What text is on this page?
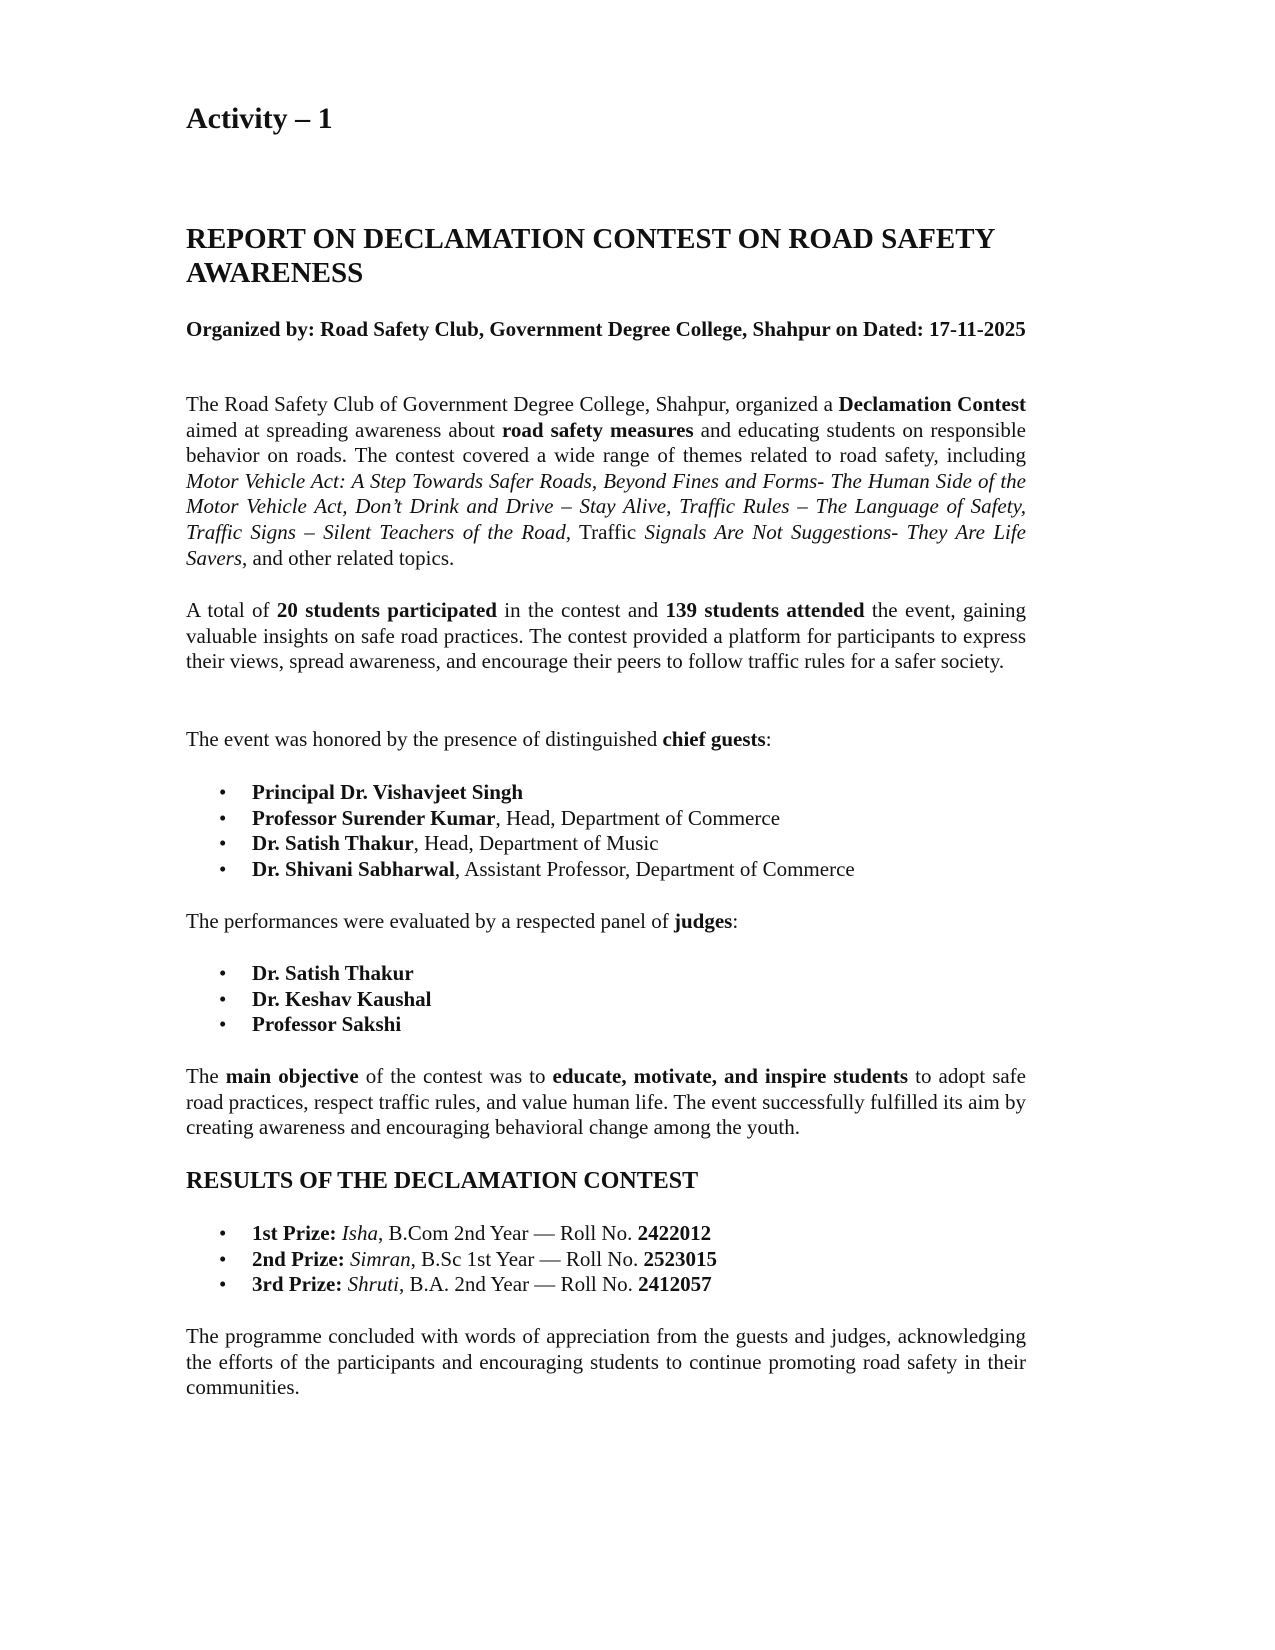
Activity – 1
REPORT ON DECLAMATION CONTEST ON ROAD SAFETY AWARENESS

Organized by: Road Safety Club, Government Degree College, Shahpur on Dated: 17-11-2025

The Road Safety Club of Government Degree College, Shahpur, organized a Declamation Contest aimed at spreading awareness about road safety measures and educating students on responsible behavior on roads. The contest covered a wide range of themes related to road safety, including Motor Vehicle Act: A Step Towards Safer Roads, Beyond Fines and Forms- The Human Side of the Motor Vehicle Act, Don’t Drink and Drive – Stay Alive, Traffic Rules – The Language of Safety, Traffic Signs – Silent Teachers of the Road, Traffic Signals Are Not Suggestions- They Are Life Savers, and other related topics.

A total of 20 students participated in the contest and 139 students attended the event, gaining valuable insights on safe road practices. The contest provided a platform for participants to express their views, spread awareness, and encourage their peers to follow traffic rules for a safer society.

The event was honored by the presence of distinguished chief guests:

• Principal Dr. Vishavjeet Singh
• Professor Surender Kumar, Head, Department of Commerce
• Dr. Satish Thakur, Head, Department of Music
• Dr. Shivani Sabharwal, Assistant Professor, Department of Commerce

The performances were evaluated by a respected panel of judges:

• Dr. Satish Thakur
• Dr. Keshav Kaushal
• Professor Sakshi

The main objective of the contest was to educate, motivate, and inspire students to adopt safe road practices, respect traffic rules, and value human life. The event successfully fulfilled its aim by creating awareness and encouraging behavioral change among the youth.

RESULTS OF THE DECLAMATION CONTEST
• 1st Prize: Isha, B.Com 2nd Year — Roll No. 2422012
• 2nd Prize: Simran, B.Sc 1st Year — Roll No. 2523015
• 3rd Prize: Shruti, B.A. 2nd Year — Roll No. 2412057

The programme concluded with words of appreciation from the guests and judges, acknowledging the efforts of the participants and encouraging students to continue promoting road safety in their communities.
